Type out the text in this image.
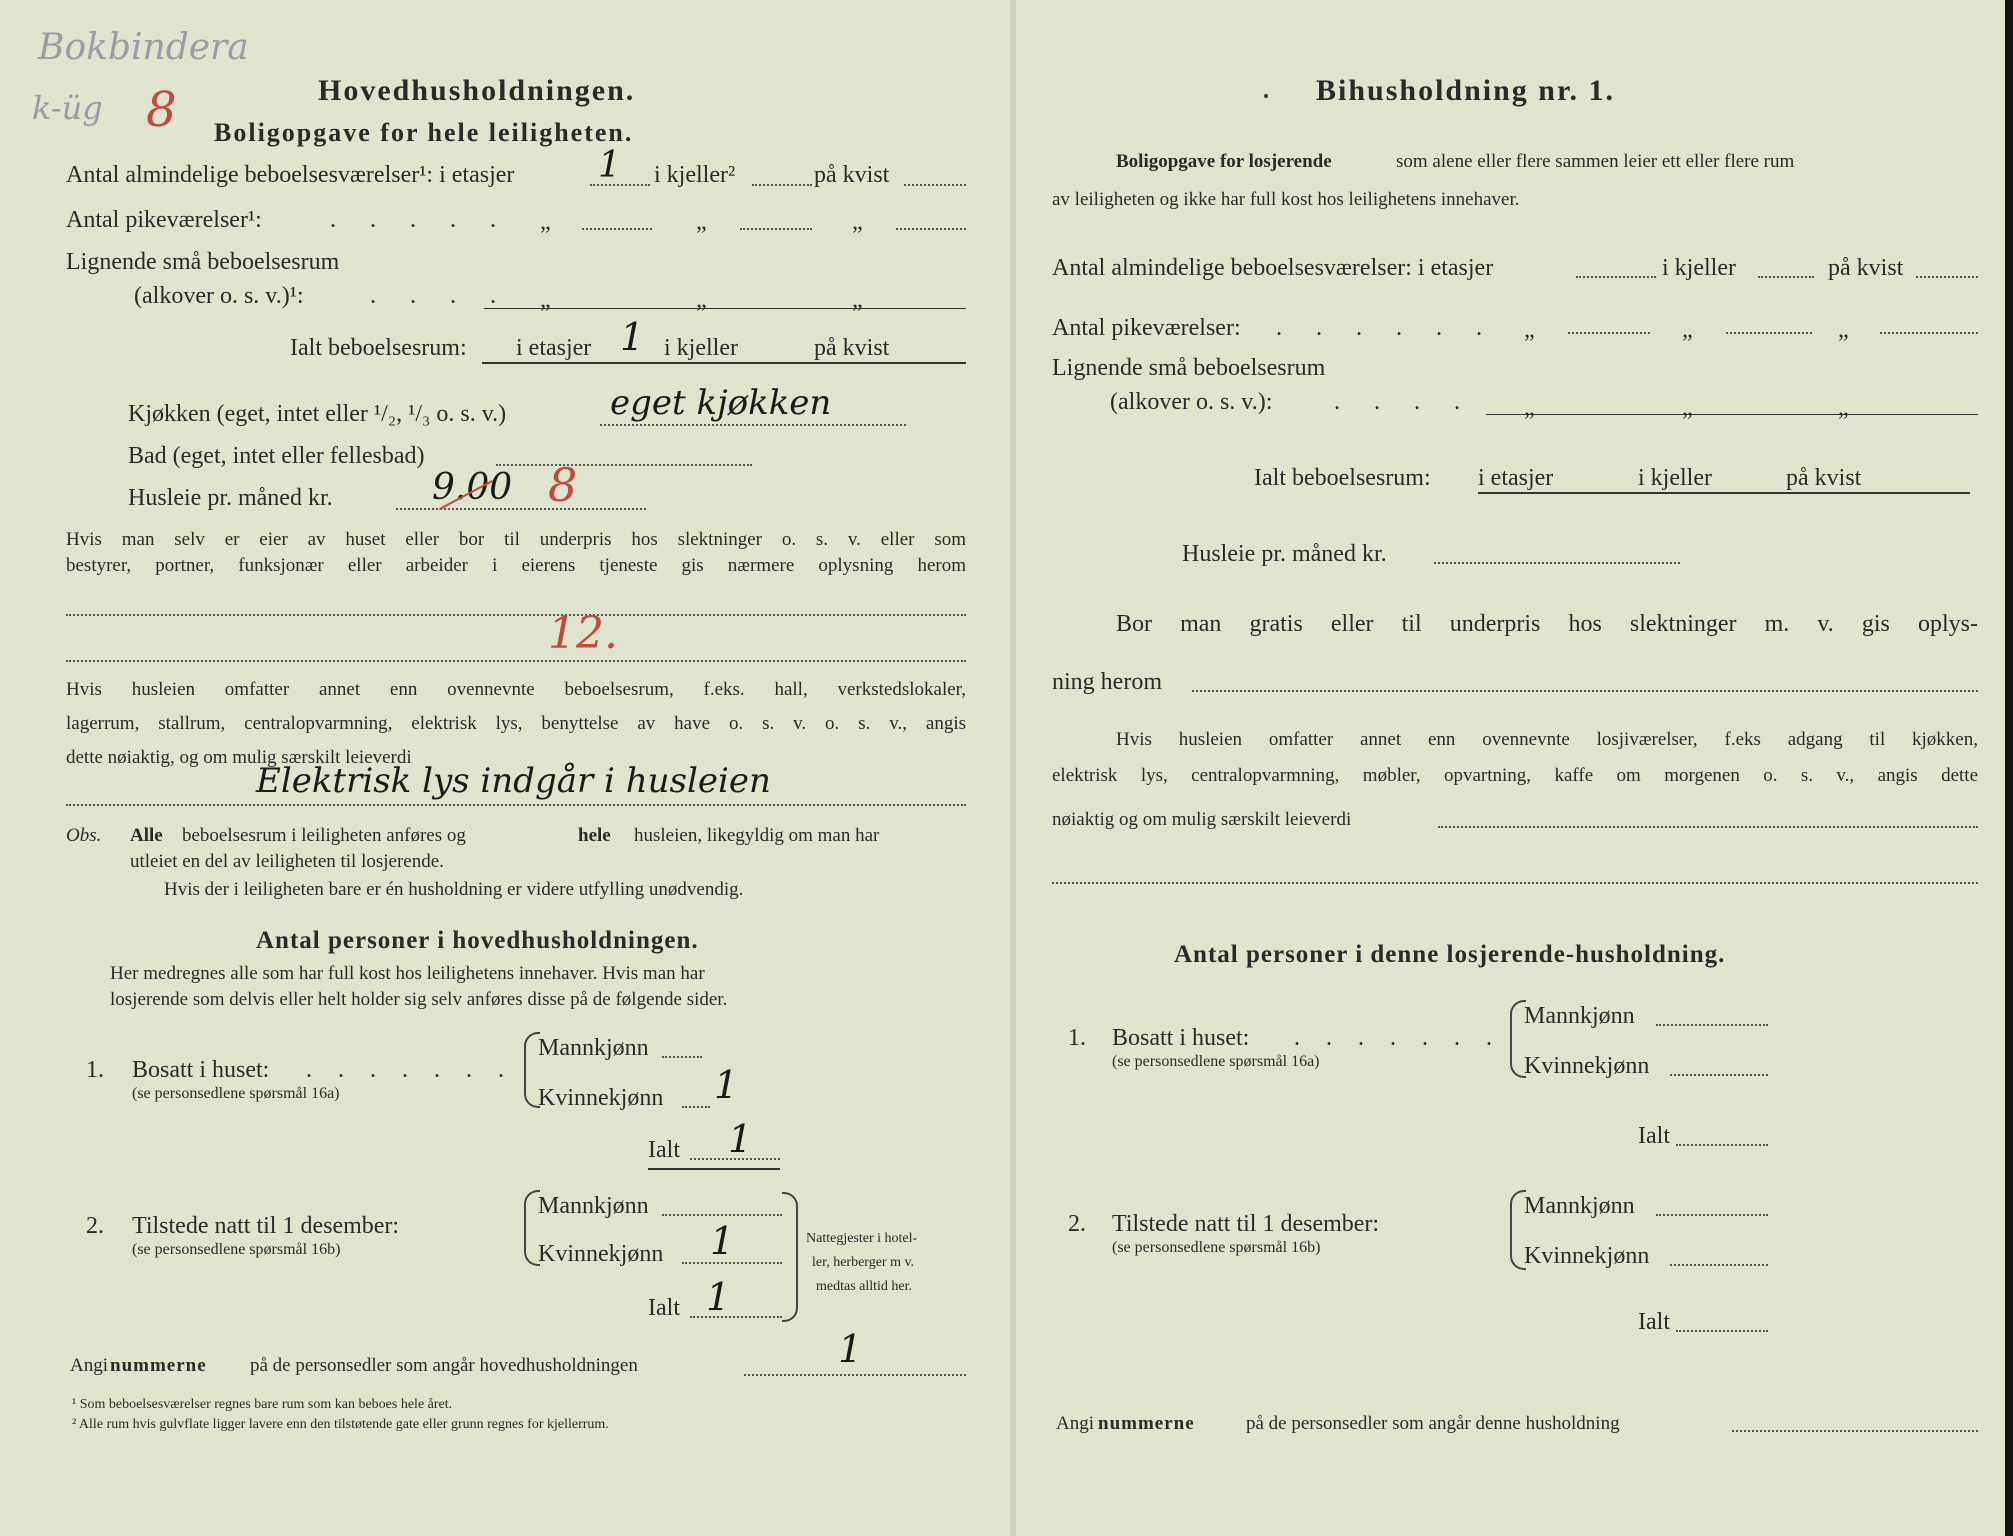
Bokbindera
k-üg 8	Hovedhusholdningen.
Boligopgave for hele leiligheten.
Antal almindelige beboelsesværelser¹: i etasjer 1 i kjeller²	på kvist
Antal pikeværelser¹:	. . . . . „	„	„
Lignende små beboelsesrum
(alkover o. s. v.)¹:	. . . . „	„	„
Ialt beboelsesrum: i etasjer 1 i kjeller	på kvist
Kjøkken (eget, intet eller ¹/₂, ¹/₃ o. s. v.)	eget kjøkken
Bad (eget, intet eller fellesbad)
Husleie pr. måned kr.	9.00 8
Hvis man selv er eier av huset eller bor til underpris hos slektninger o. s. v. eller som
bestyrer, portner, funksjonær eller arbeider i eierens tjeneste gis nærmere oplysning herom
12.
Hvis husleien omfatter annet enn ovennevnte beboelsesrum, f.eks. hall, verkstedslokaler,
lagerrum, stallrum, centralopvarmning, elektrisk lys, benyttelse av have o. s. v. o. s. v., angis
dette nøiaktig, og om mulig særskilt leieverdi
Elektrisk lys indgår i husleien
Obs. Alle beboelsesrum i leiligheten anføres og	hele husleien, likegyldig om man har
utleiet en del av leiligheten til losjerende.
Hvis der i leiligheten bare er én husholdning er videre utfylling unødvendig.
Antal personer i hovedhusholdningen.
Her medregnes alle som har full kost hos leilighetens innehaver. Hvis man har
losjerende som delvis eller helt holder sig selv anføres disse på de følgende sider.
1. Bosatt i huset: . . . . . . .
(se personsedlene spørsmål 16a)
Mannkjønn
Kvinnekjønn 1
Ialt 1
2. Tilstede natt til 1 desember:
(se personsedlene spørsmål 16b)
Mannkjønn
Kvinnekjønn 1
Ialt 1
Nattegjester i hotel-
ler, herberger m v.
medtas alltid her.
Angi nummerne på de personsedler som angår hovedhusholdningen	1
¹ Som beboelsesværelser regnes bare rum som kan beboes hele året.
² Alle rum hvis gulvflate ligger lavere enn den tilstøtende gate eller grunn regnes for kjellerrum.
Bihusholdning nr. 1.
Boligopgave for losjerende	som alene eller flere sammen leier ett eller flere rum
av leiligheten og ikke har full kost hos leilighetens innehaver.
Antal almindelige beboelsesværelser: i etasjer	i kjeller	på kvist
Antal pikeværelser: . . . . . . „	„	„
Lignende små beboelsesrum
(alkover o. s. v.):	. . . . „	„	„
Ialt beboelsesrum: i etasjer	i kjeller	på kvist
Husleie pr. måned kr.
Bor man gratis eller til underpris hos slektninger m. v. gis oplys-
ning herom
Hvis husleien omfatter annet enn ovennevnte losjiværelser, f.eks adgang til kjøkken,
elektrisk lys, centralopvarmning, møbler, opvartning, kaffe om morgenen o. s. v., angis dette
nøiaktig og om mulig særskilt leieverdi
Antal personer i denne losjerende-husholdning.
1. Bosatt i huset: . . . . . . .
(se personsedlene spørsmål 16a)
Mannkjønn
Kvinnekjønn
Ialt
2. Tilstede natt til 1 desember:
(se personsedlene spørsmål 16b)
Mannkjønn
Kvinnekjønn
Ialt
Angi nummerne	på de personsedler som angår denne husholdning
